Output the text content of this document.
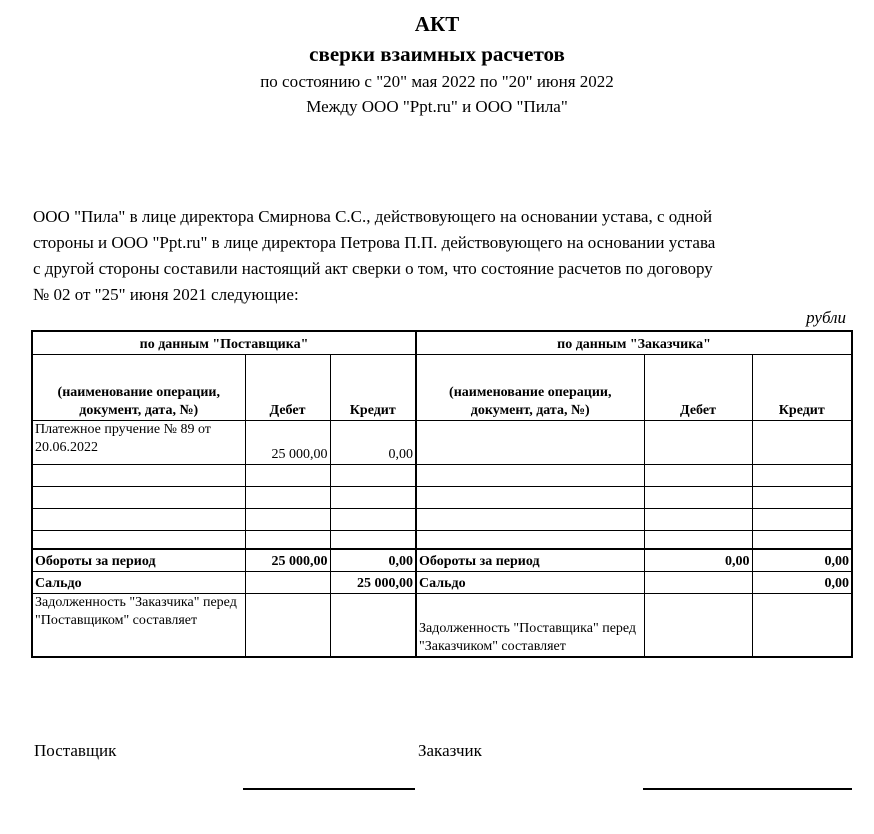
АКТ
сверки взаимных расчетов
по состоянию с "20" мая 2022 по "20" июня 2022
Между ООО "Ppt.ru" и ООО "Пила"
ООО "Пила" в лице директора Смирнова С.С., действовующего на основании устава, с одной
стороны и ООО "Ppt.ru" в лице директора Петрова П.П. действовующего на основании устава
с другой стороны составили настоящий акт сверки о том, что состояние расчетов по договору
№ 02 от "25" июня 2021 следующие:
рубли
по данным "Поставщика"			по данным "Заказчика"		
(наименование операции, документ, дата, №)	Дебет	Кредит	(наименование операции, документ, дата, №)	Дебет	Кредит
Платежное пручение № 89 от 20.06.2022	25 000,00	0,00			

Обороты за период	25 000,00	0,00	Обороты за период	0,00	0,00
Сальдо		25 000,00	Сальдо		0,00
Задолженность "Заказчика" перед "Поставщиком" составляет			Задолженность "Поставщика" перед "Заказчиком" составляет		
Поставщик	Заказчик
